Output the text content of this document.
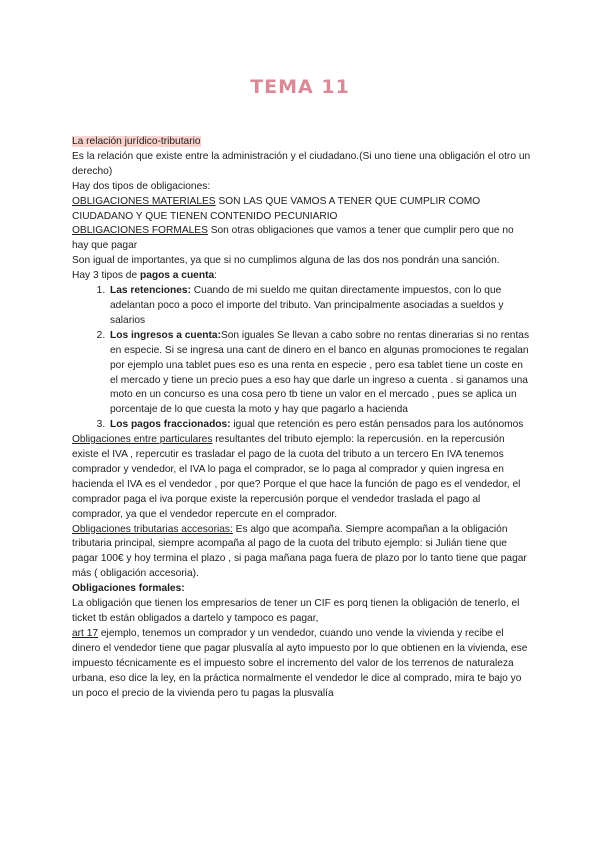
TEMA 11

La relación jurídico-tributario

Es la relación que existe entre la administración y el ciudadano.(Si uno tiene una obligación el otro un derecho)

Hay dos tipos de obligaciones:

OBLIGACIONES MATERIALES SON LAS QUE VAMOS A TENER QUE CUMPLIR COMO CIUDADANO Y QUE TIENEN CONTENIDO PECUNIARIO

OBLIGACIONES FORMALES Son otras obligaciones que vamos a tener que cumplir pero que no hay que pagar

Son igual de importantes, ya que si no cumplimos alguna de las dos nos pondrán una sanción.

Hay 3 tipos de pagos a cuenta:

1. Las retenciones: Cuando de mi sueldo me quitan directamente impuestos, con lo que adelantan poco a poco el importe del tributo. Van principalmente asociadas a sueldos y salarios
2. Los ingresos a cuenta:Son iguales Se llevan a cabo sobre no rentas dinerarias si no rentas en especie. Si se ingresa una cant de dinero en el banco en algunas promociones te regalan por ejemplo una tablet pues eso es una renta en especie , pero esa tablet tiene un coste en el mercado y tiene un precio pues a eso hay que darle un ingreso a cuenta . si ganamos una moto en un concurso es una cosa pero tb tiene un valor en el mercado , pues se aplica un porcentaje de lo que cuesta la moto y hay que pagarlo a hacienda
3. Los pagos fraccionados: igual que retención es pero están pensados para los autónomos

Obligaciones entre particulares resultantes del tributo ejemplo: la repercusión. en la repercusión existe el IVA , repercutir es trasladar el pago de la cuota del tributo a un tercero En IVA tenemos comprador y vendedor, el IVA lo paga el comprador, se lo paga al comprador y quien ingresa en hacienda el IVA es el vendedor , por que? Porque el que hace la función de pago es el vendedor, el comprador paga el iva porque existe la repercusión porque el vendedor traslada el pago al comprador, ya que el vendedor repercute en el comprador.

Obligaciones tributarias accesorias: Es algo que acompaña. Siempre acompañan a la obligación tributaria principal, siempre acompaña al pago de la cuota del tributo ejemplo: si Julián tiene que pagar 100€ y hoy termina el plazo , si paga mañana paga fuera de plazo por lo tanto tiene que pagar más ( obligación accesoria).

Obligaciones formales:

La obligación que tienen los empresarios de tener un CIF es porq tienen la obligación de tenerlo, el ticket tb están obligados a dartelo y tampoco es pagar,

art 17 ejemplo, tenemos un comprador y un vendedor, cuando uno vende la vivienda y recibe el dinero el vendedor tiene que pagar plusvalía al ayto impuesto por lo que obtienen en la vivienda, ese impuesto técnicamente es el impuesto sobre el incremento del valor de los terrenos de naturaleza urbana, eso dice la ley, en la práctica normalmente el vendedor le dice al comprado, mira te bajo yo un poco el precio de la vivienda pero tu pagas la plusvalía
